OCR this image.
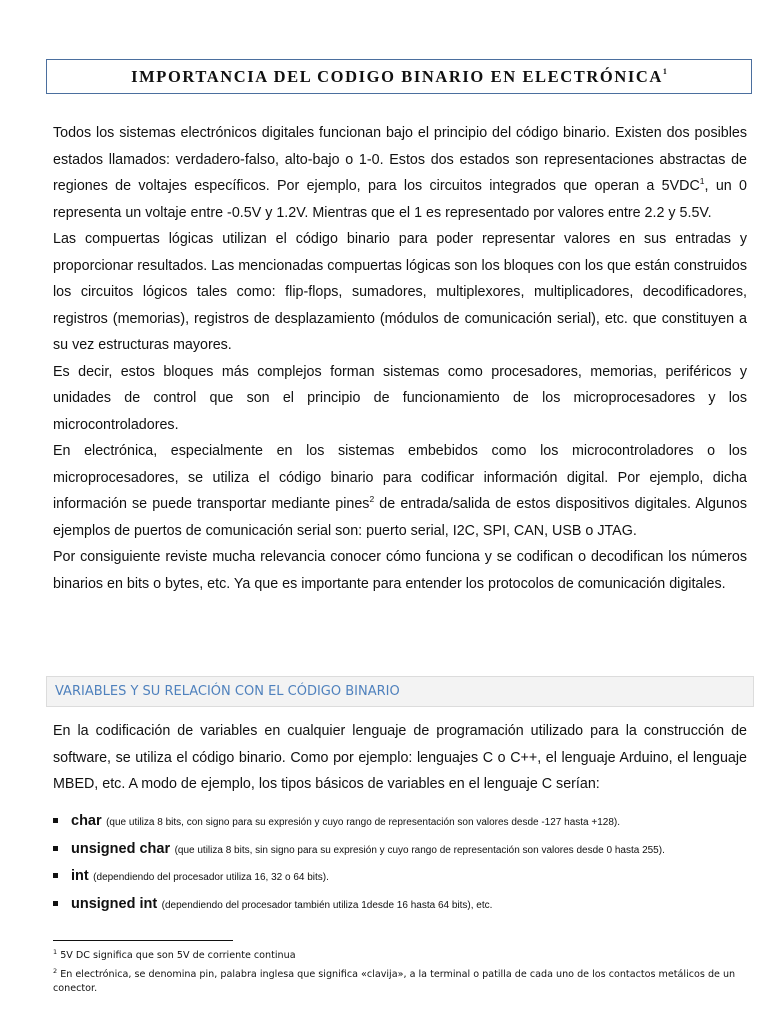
IMPORTANCIA DEL CODIGO BINARIO EN ELECTRÓNICA$^1$

Todos los sistemas electrónicos digitales funcionan bajo el principio del código binario. Existen dos posibles estados llamados: verdadero-falso, alto-bajo o 1-0. Estos dos estados son representaciones abstractas de regiones de voltajes específicos. Por ejemplo, para los circuitos integrados que operan a 5VDC$^1$, un 0 representa un voltaje entre -0.5V y 1.2V. Mientras que el 1 es representado por valores entre 2.2 y 5.5V.

Las compuertas lógicas utilizan el código binario para poder representar valores en sus entradas y proporcionar resultados. Las mencionadas compuertas lógicas son los bloques con los que están construidos los circuitos lógicos tales como: flip-flops, sumadores, multiplexores, multiplicadores, decodificadores, registros (memorias), registros de desplazamiento (módulos de comunicación serial), etc. que constituyen a su vez estructuras mayores.

Es decir, estos bloques más complejos forman sistemas como procesadores, memorias, periféricos y unidades de control que son el principio de funcionamiento de los microprocesadores y los microcontroladores.

En electrónica, especialmente en los sistemas embebidos como los microcontroladores o los microprocesadores, se utiliza el código binario para codificar información digital. Por ejemplo, dicha información se puede transportar mediante pines$^2$ de entrada/salida de estos dispositivos digitales. Algunos ejemplos de puertos de comunicación serial son: puerto serial, I2C, SPI, CAN, USB o JTAG.

Por consiguiente reviste mucha relevancia conocer cómo funciona y se codifican o decodifican los números binarios en bits o bytes, etc. Ya que es importante para entender los protocolos de comunicación digitales.

VARIABLES Y SU RELACIÓN CON EL CÓDIGO BINARIO

En la codificación de variables en cualquier lenguaje de programación utilizado para la construcción de software, se utiliza el código binario. Como por ejemplo: lenguajes C o C++, el lenguaje Arduino, el lenguaje MBED, etc. A modo de ejemplo, los tipos básicos de variables en el lenguaje C serían:

char (que utiliza 8 bits, con signo para su expresión y cuyo rango de representación son valores desde -127 hasta +128).
unsigned char (que utiliza 8 bits, sin signo para su expresión y cuyo rango de representación son valores desde 0 hasta 255).
int (dependiendo del procesador utiliza 16, 32 o 64 bits).
unsigned int (dependiendo del procesador también utiliza 1desde 16 hasta 64 bits), etc.

$^1$ 5V DC significa que son 5V de corriente continua

$^2$ En electrónica, se denomina pin, palabra inglesa que significa «clavija», a la terminal o patilla de cada uno de los contactos metálicos de un conector.
